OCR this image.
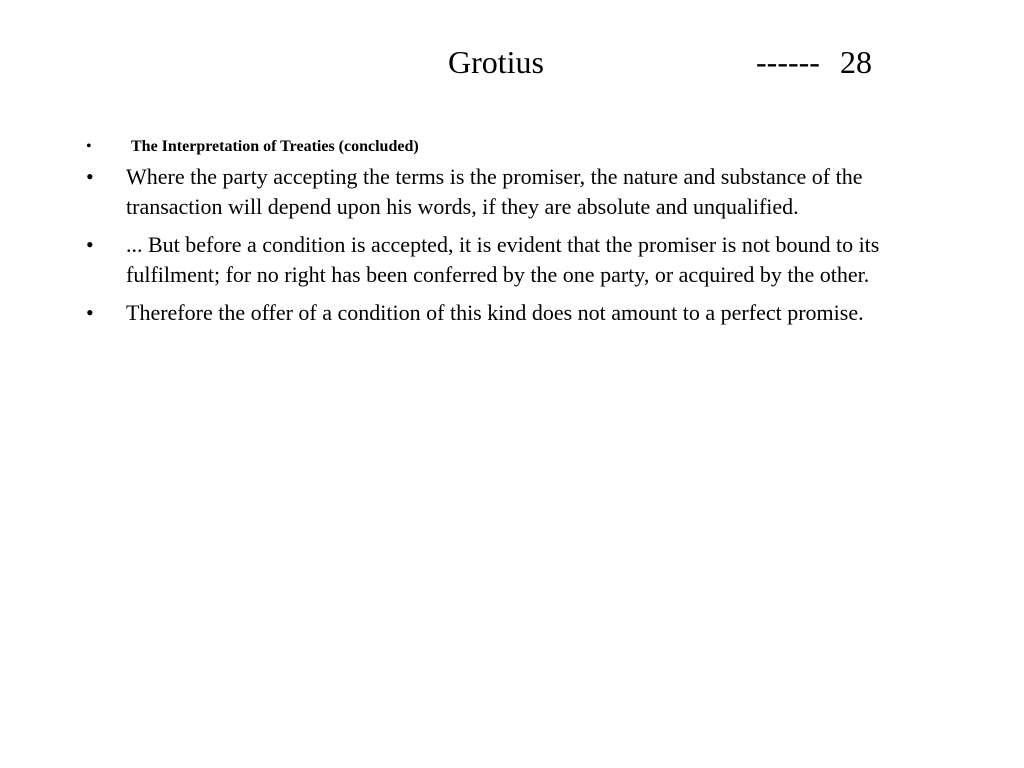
Grotius	------ 28
• The Interpretation of Treaties (concluded)
• Where the party accepting the terms is the promiser, the nature and substance of the transaction will depend upon his words, if they are absolute and unqualified.
• ... But before a condition is accepted, it is evident that the promiser is not bound to its fulfilment; for no right has been conferred by the one party, or acquired by the other.
• Therefore the offer of a condition of this kind does not amount to a perfect promise.
